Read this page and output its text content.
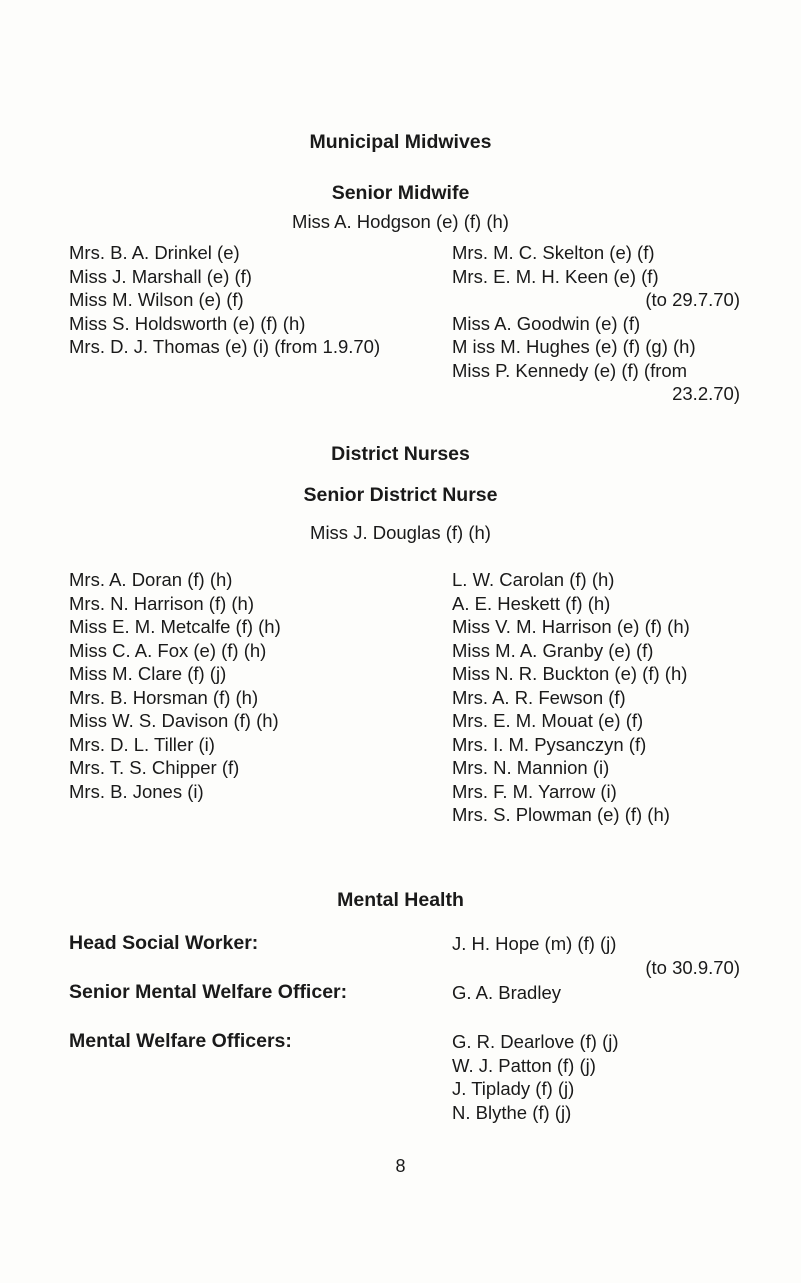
Municipal Midwives
Senior Midwife
Miss A. Hodgson (e) (f) (h)
Mrs. B. A. Drinkel (e)
Miss J. Marshall (e) (f)
Miss M. Wilson (e) (f)
Miss S. Holdsworth (e) (f) (h)
Mrs. D. J. Thomas (e) (i) (from 1.9.70)
Mrs. M. C. Skelton (e) (f)
Mrs. E. M. H. Keen (e) (f)
(to 29.7.70)
Miss A. Goodwin (e) (f)
M iss M. Hughes (e) (f) (g) (h)
Miss P. Kennedy (e) (f) (from
23.2.70)
District Nurses
Senior District Nurse
Miss J. Douglas (f) (h)
Mrs. A. Doran (f) (h)
Mrs. N. Harrison (f) (h)
Miss E. M. Metcalfe (f) (h)
Miss C. A. Fox (e) (f) (h)
Miss M. Clare (f) (j)
Mrs. B. Horsman (f) (h)
Miss W. S. Davison (f) (h)
Mrs. D. L. Tiller (i)
Mrs. T. S. Chipper (f)
Mrs. B. Jones (i)
L. W. Carolan (f) (h)
A. E. Heskett (f) (h)
Miss V. M. Harrison (e) (f) (h)
Miss M. A. Granby (e) (f)
Miss N. R. Buckton (e) (f) (h)
Mrs. A. R. Fewson (f)
Mrs. E. M. Mouat (e) (f)
Mrs. I. M. Pysanczyn (f)
Mrs. N. Mannion (i)
Mrs. F. M. Yarrow (i)
Mrs. S. Plowman (e) (f) (h)
Mental Health
Head Social Worker:	J. H. Hope (m) (f) (j)
(to 30.9.70)
Senior Mental Welfare Officer:	G. A. Bradley
Mental Welfare Officers:	G. R. Dearlove (f) (j)
W. J. Patton (f) (j)
J. Tiplady (f) (j)
N. Blythe (f) (j)
8
